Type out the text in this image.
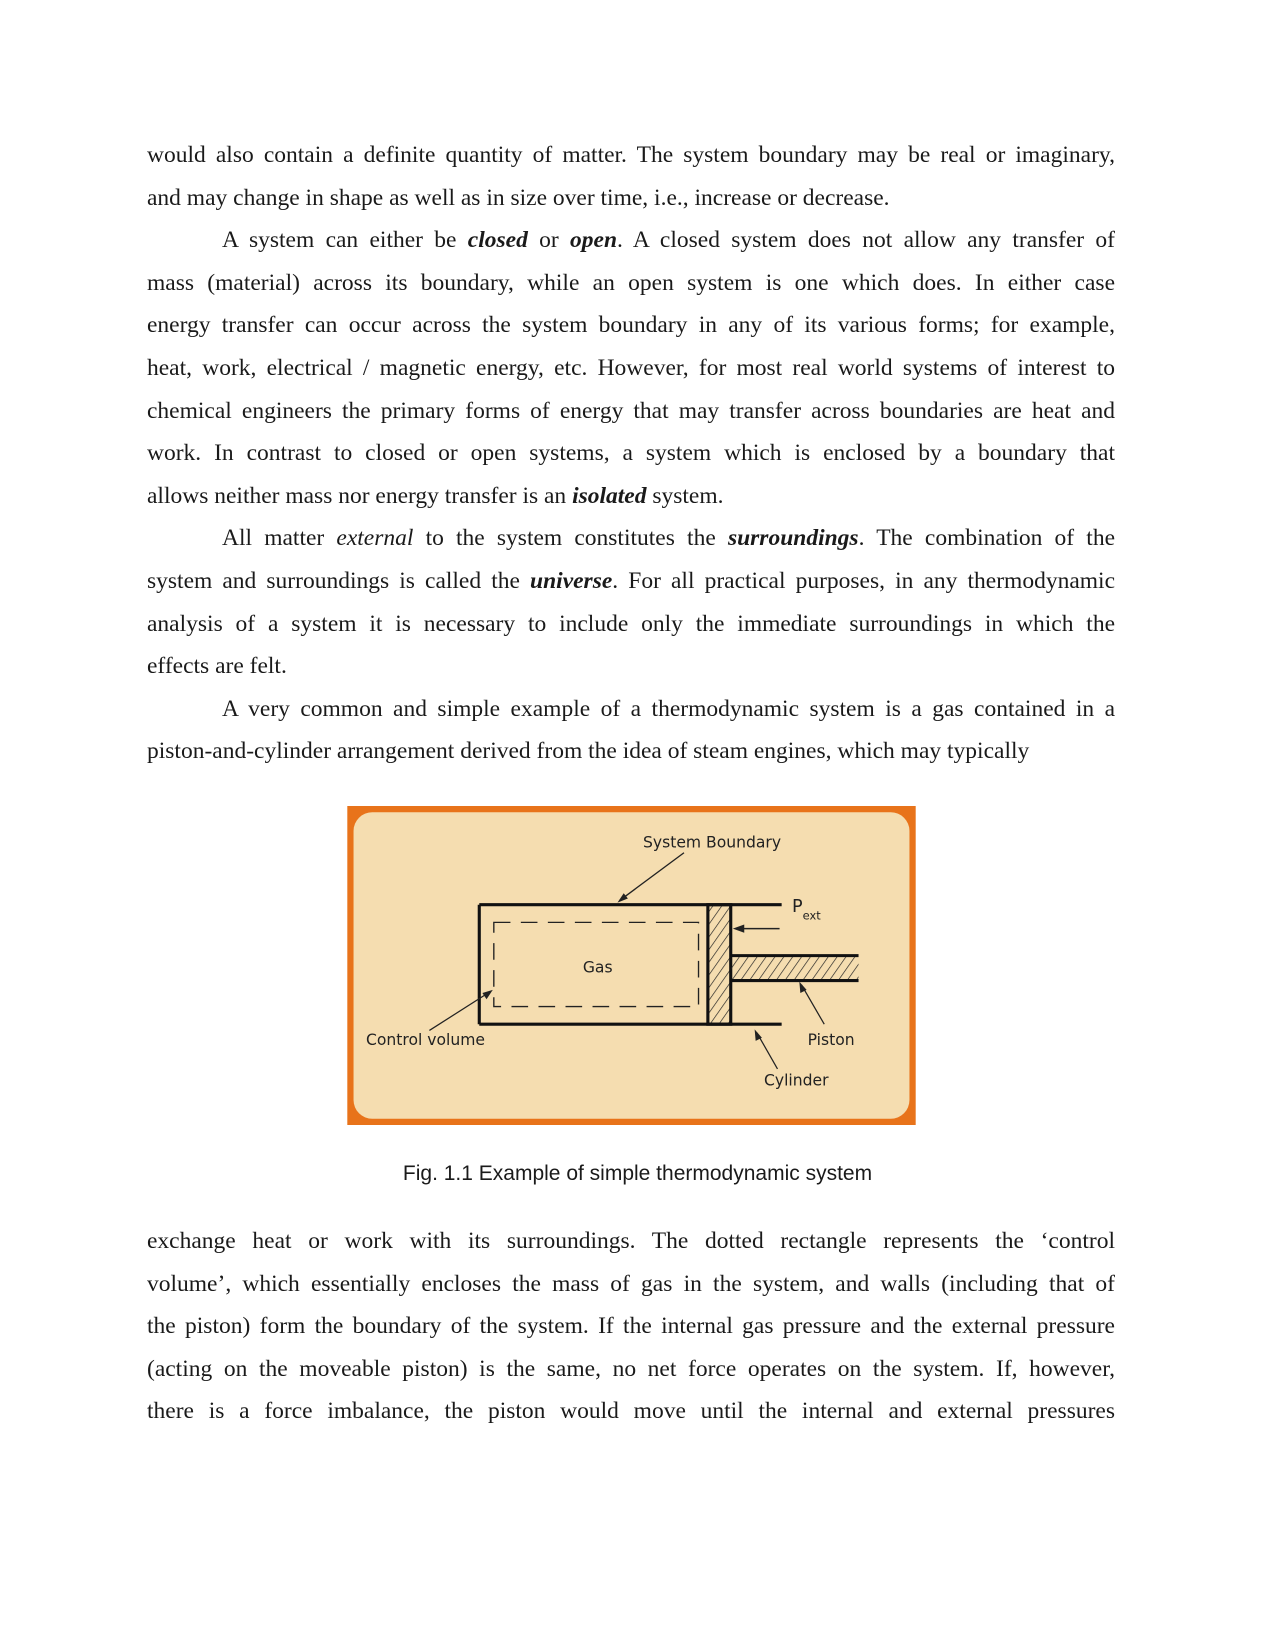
would also contain a definite quantity of matter. The system boundary may be real or imaginary,
and may change in shape as well as in size over time, i.e., increase or decrease.
A system can either be closed or open. A closed system does not allow any transfer of
mass (material) across its boundary, while an open system is one which does. In either case
energy transfer can occur across the system boundary in any of its various forms; for example,
heat, work, electrical / magnetic energy, etc. However, for most real world systems of interest to
chemical engineers the primary forms of energy that may transfer across boundaries are heat and
work. In contrast to closed or open systems, a system which is enclosed by a boundary that
allows neither mass nor energy transfer is an isolated system.
All matter external to the system constitutes the surroundings. The combination of the
system and surroundings is called the universe. For all practical purposes, in any thermodynamic
analysis of a system it is necessary to include only the immediate surroundings in which the
effects are felt.
A very common and simple example of a thermodynamic system is a gas contained in a
piston-and-cylinder arrangement derived from the idea of steam engines, which may typically
Gas
System Boundary
$P_{ext}$
Control volume	Piston
Cylinder
Fig. 1.1 Example of simple thermodynamic system
exchange heat or work with its surroundings. The dotted rectangle represents the ‘control
volume’, which essentially encloses the mass of gas in the system, and walls (including that of
the piston) form the boundary of the system. If the internal gas pressure and the external pressure
(acting on the moveable piston) is the same, no net force operates on the system. If, however,
there is a force imbalance, the piston would move until the internal and external pressures
